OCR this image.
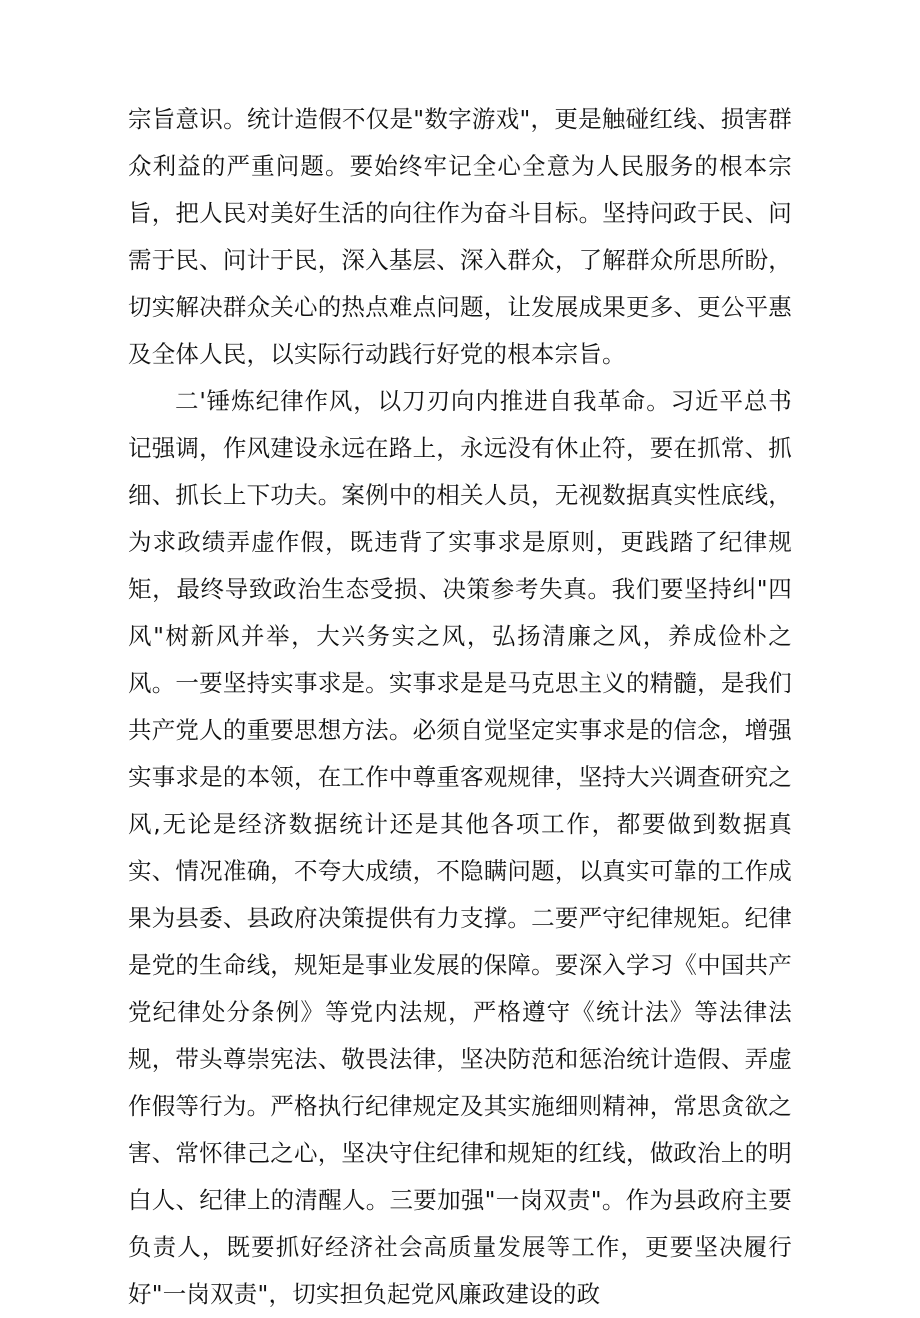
宗旨意识。统计造假不仅是"数字游戏"，更是触碰红线、损害群众利益的严重问题。要始终牢记全心全意为人民服务的根本宗旨，把人民对美好生活的向往作为奋斗目标。坚持问政于民、问需于民、问计于民，深入基层、深入群众，了解群众所思所盼，切实解决群众关心的热点难点问题，让发展成果更多、更公平惠及全体人民，以实际行动践行好党的根本宗旨。

二'锤炼纪律作风，以刀刃向内推进自我革命。习近平总书记强调，作风建设永远在路上，永远没有休止符，要在抓常、抓细、抓长上下功夫。案例中的相关人员，无视数据真实性底线，为求政绩弄虚作假，既违背了实事求是原则，更践踏了纪律规矩，最终导致政治生态受损、决策参考失真。我们要坚持纠"四风"树新风并举，大兴务实之风，弘扬清廉之风，养成俭朴之风。一要坚持实事求是。实事求是是马克思主义的精髓，是我们共产党人的重要思想方法。必须自觉坚定实事求是的信念，增强实事求是的本领，在工作中尊重客观规律，坚持大兴调查研究之风,无论是经济数据统计还是其他各项工作，都要做到数据真实、情况准确，不夸大成绩，不隐瞒问题，以真实可靠的工作成果为县委、县政府决策提供有力支撑。二要严守纪律规矩。纪律是党的生命线，规矩是事业发展的保障。要深入学习《中国共产党纪律处分条例》等党内法规，严格遵守《统计法》等法律法规，带头尊崇宪法、敬畏法律，坚决防范和惩治统计造假、弄虚作假等行为。严格执行纪律规定及其实施细则精神，常思贪欲之害、常怀律己之心，坚决守住纪律和规矩的红线，做政治上的明白人、纪律上的清醒人。三要加强"一岗双责"。作为县政府主要负责人，既要抓好经济社会高质量发展等工作，更要坚决履行好"一岗双责"，切实担负起党风廉政建设的政
